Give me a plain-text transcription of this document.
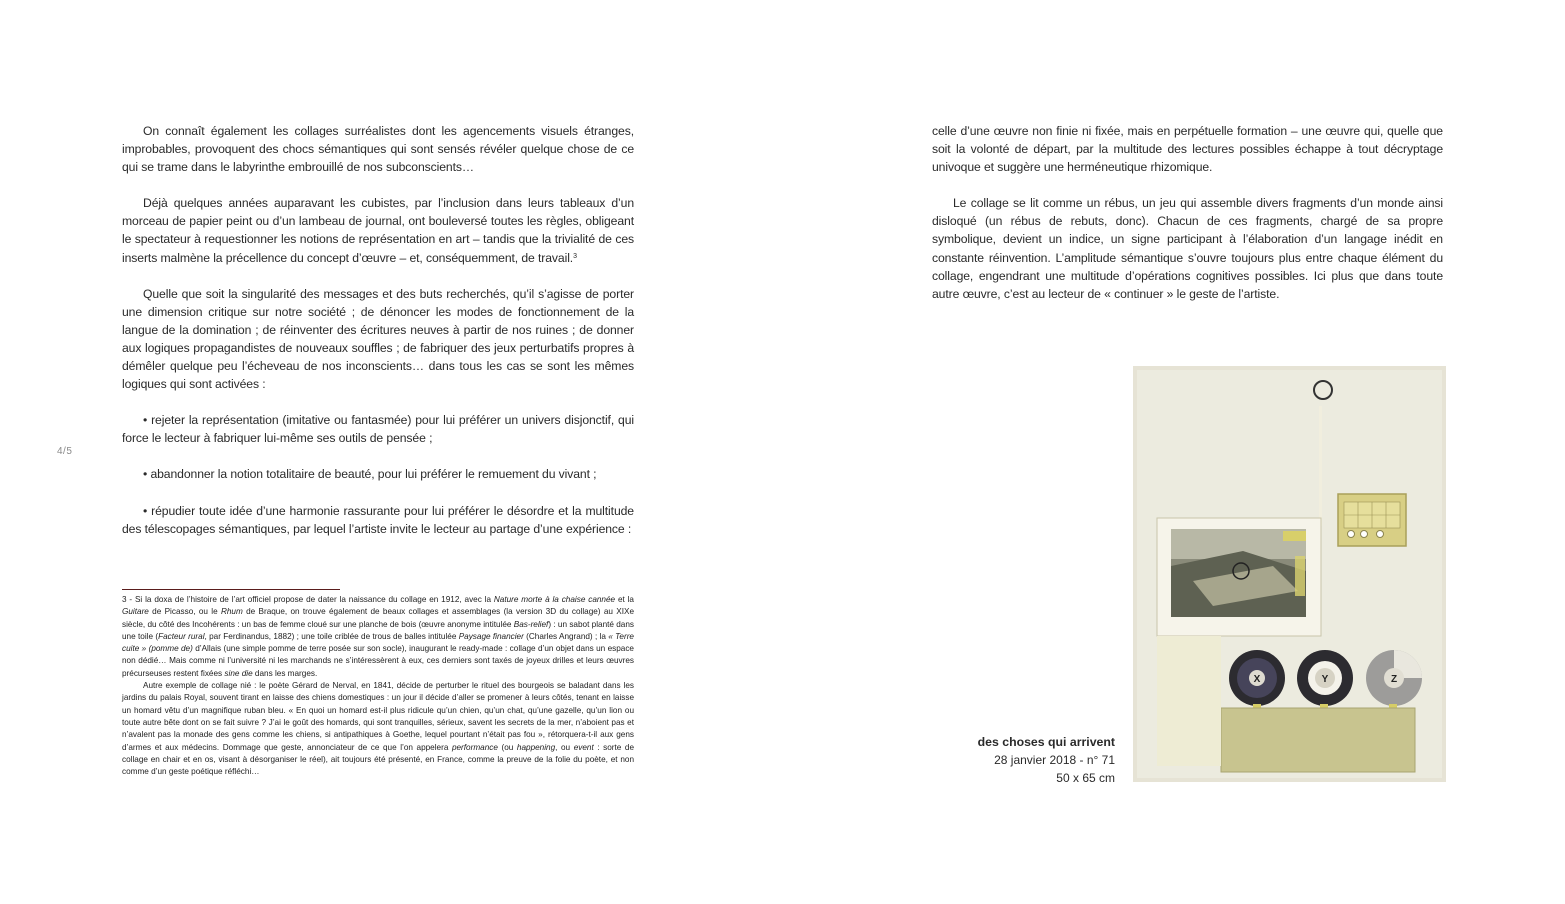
On connaît également les collages surréalistes dont les agencements visuels étranges, improbables, provoquent des chocs sémantiques qui sont sensés révéler quelque chose de ce qui se trame dans le labyrinthe embrouillé de nos subconscients…

Déjà quelques années auparavant les cubistes, par l’inclusion dans leurs tableaux d’un morceau de papier peint ou d’un lambeau de journal, ont bouleversé toutes les règles, obligeant le spectateur à requestionner les notions de représentation en art – tandis que la trivialité de ces inserts malmène la précellence du concept d’œuvre – et, conséquemment, de travail.$^3$

Quelle que soit la singularité des messages et des buts recherchés, qu’il s’agisse de porter une dimension critique sur notre société ; de dénoncer les modes de fonctionnement de la langue de la domination ; de réinventer des écritures neuves à partir de nos ruines ; de donner aux logiques propagandistes de nouveaux souffles ; de fabriquer des jeux perturbatifs propres à démêler quelque peu l’écheveau de nos inconscients… dans tous les cas se sont les mêmes logiques qui sont activées :

• rejeter la représentation (imitative ou fantasmée) pour lui préférer un univers disjonctif, qui force le lecteur à fabriquer lui-même ses outils de pensée ;

• abandonner la notion totalitaire de beauté, pour lui préférer le remuement du vivant ;

• répudier toute idée d’une harmonie rassurante pour lui préférer le désordre et la multitude des télescopages sémantiques, par lequel l’artiste invite le lecteur au partage d’une expérience :

4/5

3 - Si la doxa de l’histoire de l’art officiel propose de dater la naissance du collage en 1912, avec la Nature morte à la chaise cannée et la Guitare de Picasso, ou le Rhum de Braque, on trouve également de beaux collages et assemblages (la version 3D du collage) au XIXe siècle, du côté des Incohérents : un bas de femme cloué sur une planche de bois (œuvre anonyme intitulée Bas-relief) : un sabot planté dans une toile (Facteur rural, par Ferdinandus, 1882) ; une toile criblée de trous de balles intitulée Paysage financier (Charles Angrand) ; la « Terre cuite » (pomme de) d’Allais (une simple pomme de terre posée sur son socle), inaugurant le ready-made : collage d’un objet dans un espace non dédié… Mais comme ni l’université ni les marchands ne s’intéressèrent à eux, ces derniers sont taxés de joyeux drilles et leurs œuvres précurseuses restent fixées sine die dans les marges.

Autre exemple de collage nié : le poète Gérard de Nerval, en 1841, décide de perturber le rituel des bourgeois se baladant dans les jardins du palais Royal, souvent tirant en laisse des chiens domestiques : un jour il décide d’aller se promener à leurs côtés, tenant en laisse un homard vêtu d’un magnifique ruban bleu. « En quoi un homard est-il plus ridicule qu’un chien, qu’un chat, qu’une gazelle, qu’un lion ou toute autre bête dont on se fait suivre ? J’ai le goût des homards, qui sont tranquilles, sérieux, savent les secrets de la mer, n’aboient pas et n’avalent pas la monade des gens comme les chiens, si antipathiques à Goethe, lequel pourtant n’était pas fou », rétorquera-t-il aux gens d’armes et aux médecins. Dommage que geste, annonciateur de ce que l’on appelera performance (ou happening, ou event : sorte de collage en chair et en os, visant à désorganiser le réel), ait toujours été présenté, en France, comme la preuve de la folie du poète, et non comme d’un geste poétique réfléchi…

celle d’une œuvre non finie ni fixée, mais en perpétuelle formation – une œuvre qui, quelle que soit la volonté de départ, par la multitude des lectures possibles échappe à tout décryptage univoque et suggère une herméneutique rhizomique.

Le collage se lit comme un rébus, un jeu qui assemble divers fragments d’un monde ainsi disloqué (un rébus de rebuts, donc). Chacun de ces fragments, chargé de sa propre symbolique, devient un indice, un signe participant à l’élaboration d’un langage inédit en constante réinvention. L’amplitude sémantique s’ouvre toujours plus entre chaque élément du collage, engendrant une multitude d’opérations cognitives possibles. Ici plus que dans toute autre œuvre, c’est au lecteur de « continuer » le geste de l’artiste.

des choses qui arrivent
28 janvier 2018 - n° 71
50 x 65 cm
X	Y	Z
